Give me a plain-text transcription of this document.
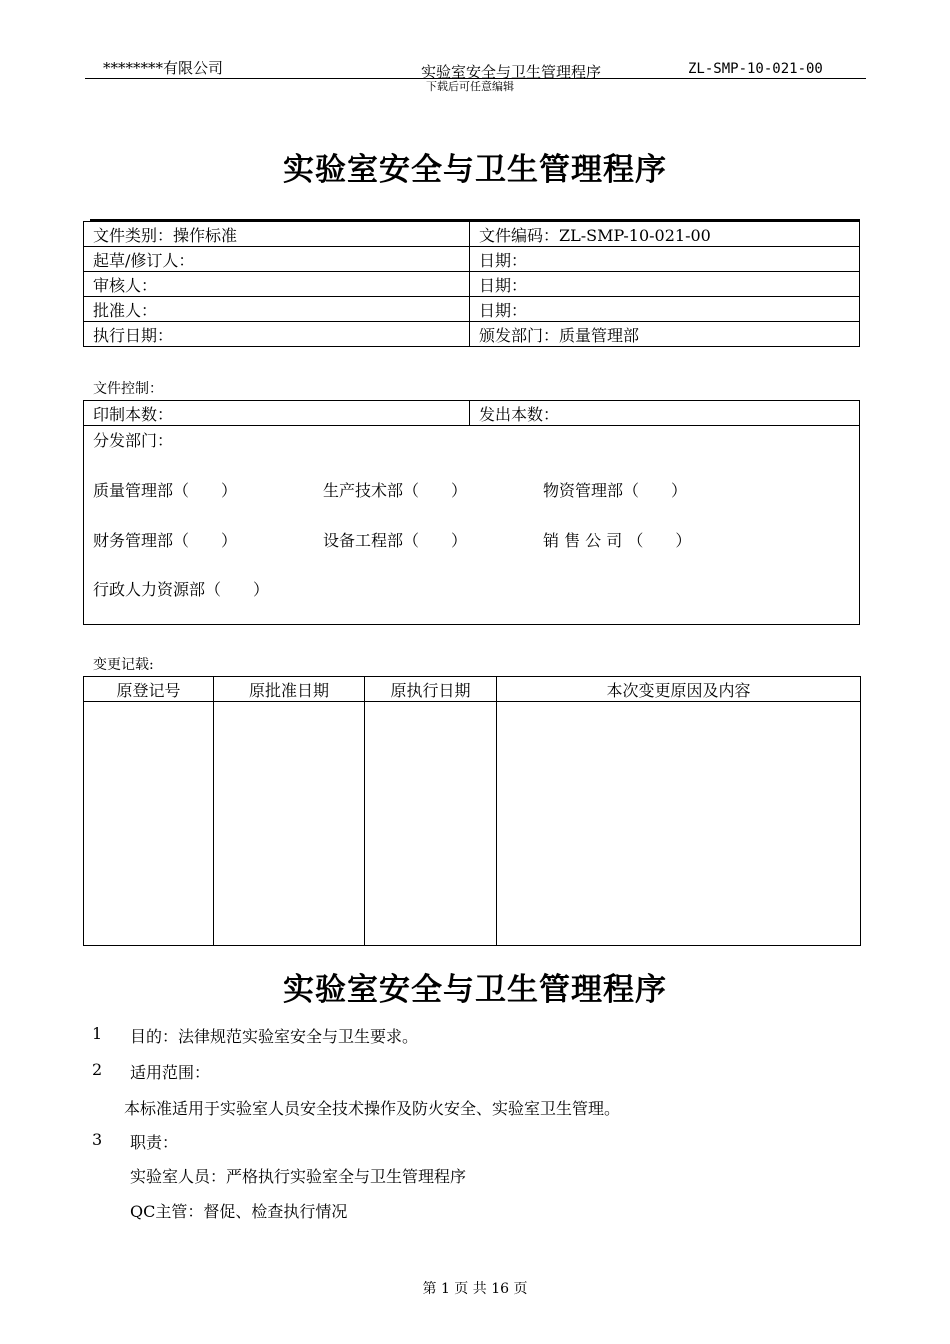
********有限公司	实验室安全与卫生管理程序	ZL-SMP-10-021-00
下载后可任意编辑
实验室安全与卫生管理程序
文件类别：操作标准	文件编码：ZL-SMP-10-021-00
起草/修订人：	日期：
审核人：	日期：
批准人：	日期：
执行日期：	颁发部门：质量管理部
文件控制：
印制本数：	发出本数：

分发部门：
质量管理部（　　）	生产技术部（　　）	物资管理部（　　）
财务管理部（　　）	设备工程部（　　）	销 售 公 司 （　　）
行政人力资源部（　　）
变更记载:
原登记号	原批准日期	原执行日期	本次变更原因及内容

实验室安全与卫生管理程序
1 目的：法律规范实验室安全与卫生要求。
2 适用范围：
本标准适用于实验室人员安全技术操作及防火安全、实验室卫生管理。
3 职责：
实验室人员：严格执行实验室全与卫生管理程序
QC主管：督促、检查执行情况
第 1 页 共 16 页
